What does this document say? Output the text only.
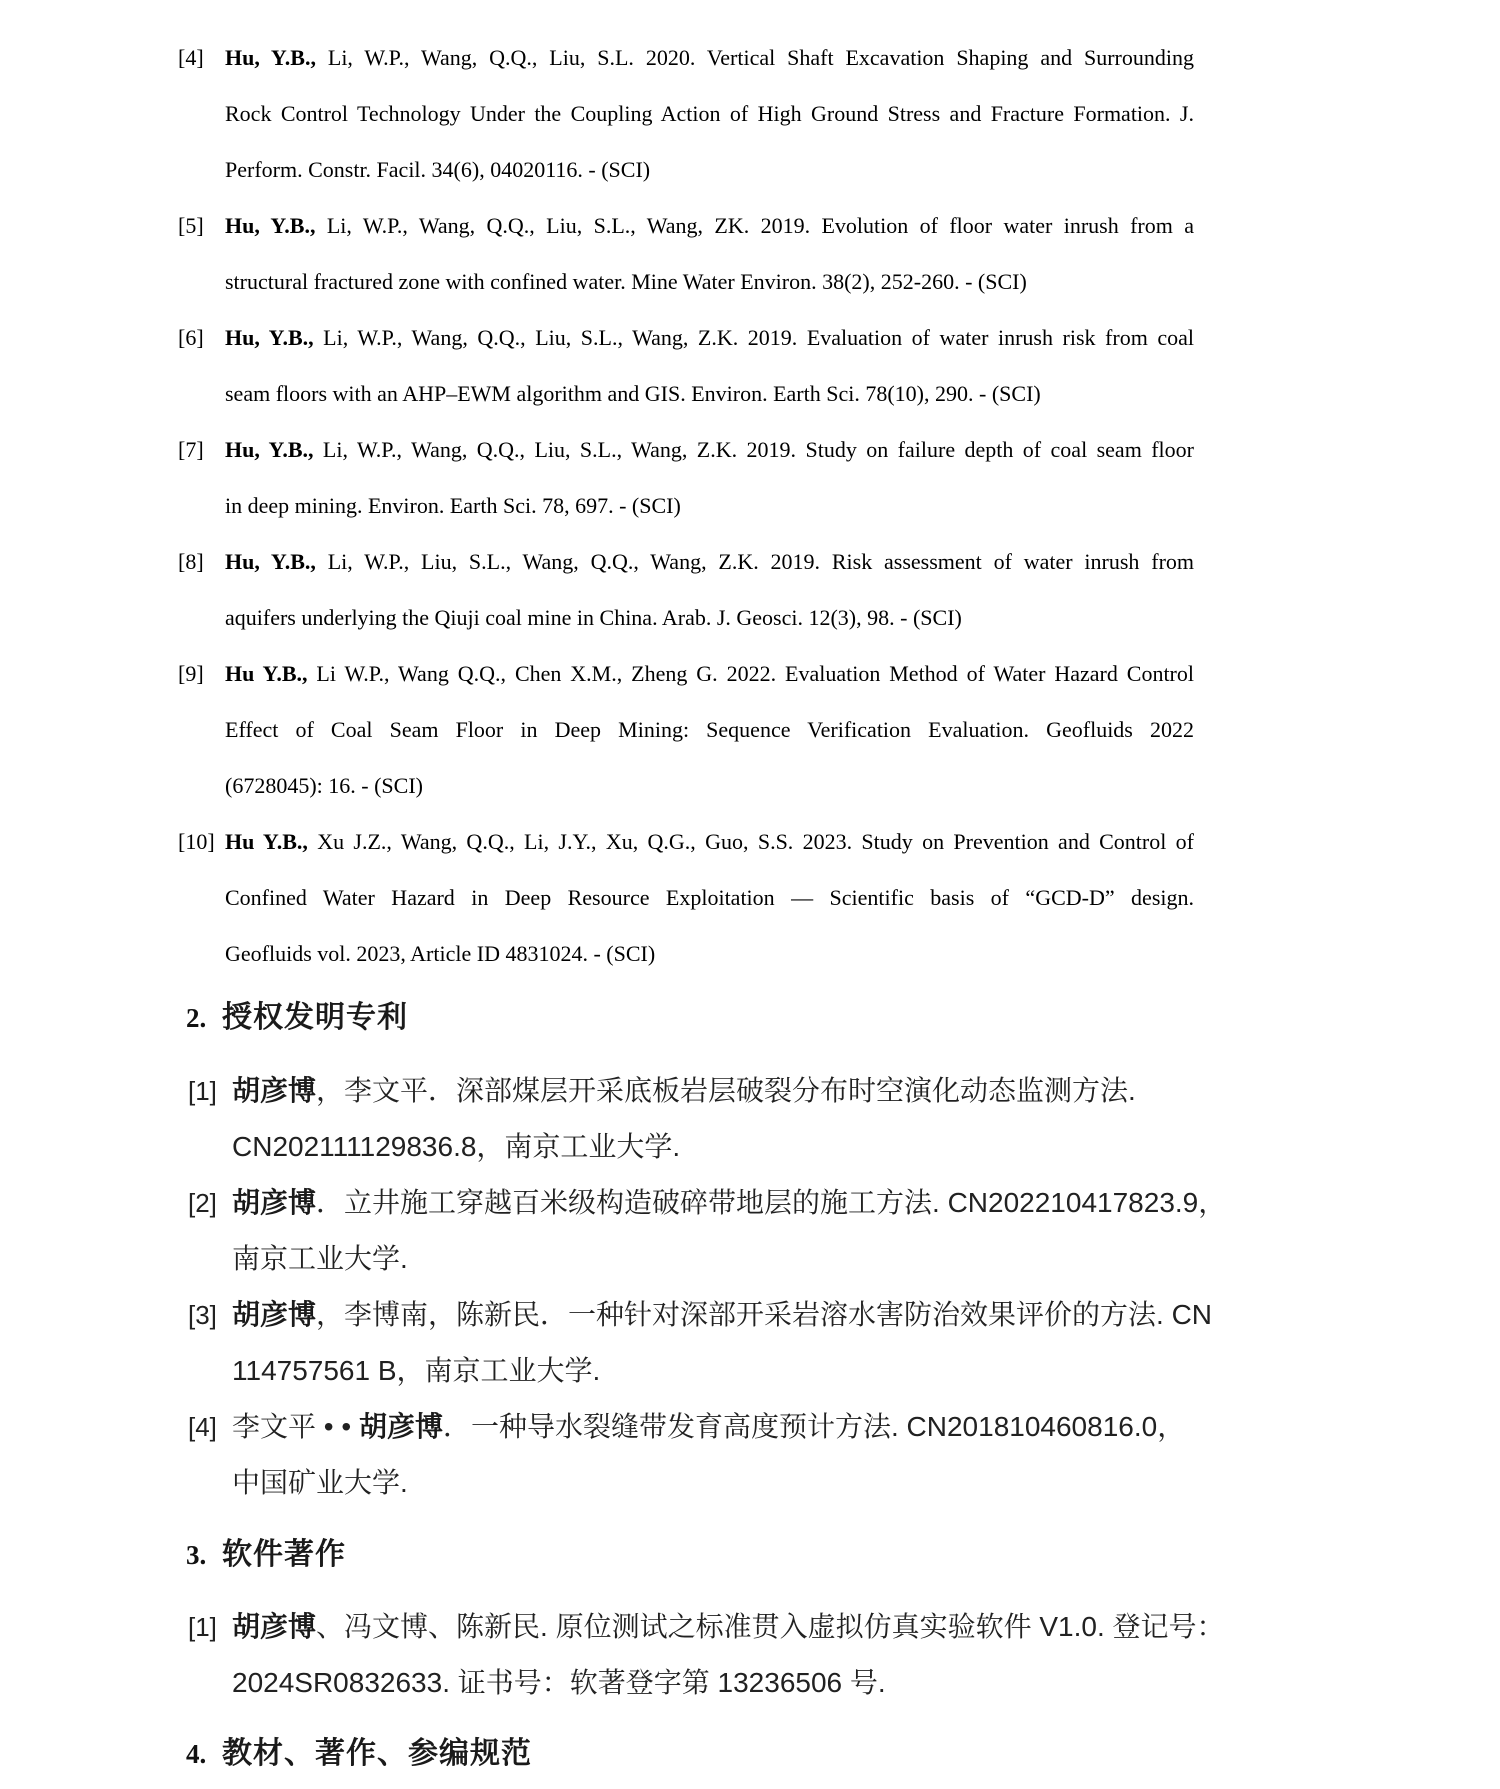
[4] Hu, Y.B., Li, W.P., Wang, Q.Q., Liu, S.L. 2020. Vertical Shaft Excavation Shaping and Surrounding
Rock Control Technology Under the Coupling Action of High Ground Stress and Fracture Formation. J.
Perform. Constr. Facil. 34(6), 04020116. - (SCI)
[5] Hu, Y.B., Li, W.P., Wang, Q.Q., Liu, S.L., Wang, ZK. 2019. Evolution of floor water inrush from a
structural fractured zone with confined water. Mine Water Environ. 38(2), 252-260. - (SCI)
[6] Hu, Y.B., Li, W.P., Wang, Q.Q., Liu, S.L., Wang, Z.K. 2019. Evaluation of water inrush risk from coal
seam floors with an AHP–EWM algorithm and GIS. Environ. Earth Sci. 78(10), 290. - (SCI)
[7] Hu, Y.B., Li, W.P., Wang, Q.Q., Liu, S.L., Wang, Z.K. 2019. Study on failure depth of coal seam floor
in deep mining. Environ. Earth Sci. 78, 697. - (SCI)
[8] Hu, Y.B., Li, W.P., Liu, S.L., Wang, Q.Q., Wang, Z.K. 2019. Risk assessment of water inrush from
aquifers underlying the Qiuji coal mine in China. Arab. J. Geosci. 12(3), 98. - (SCI)
[9] Hu Y.B., Li W.P., Wang Q.Q., Chen X.M., Zheng G. 2022. Evaluation Method of Water Hazard Control
Effect of Coal Seam Floor in Deep Mining: Sequence Verification Evaluation. Geofluids 2022
(6728045): 16. - (SCI)
[10] Hu Y.B., Xu J.Z., Wang, Q.Q., Li, J.Y., Xu, Q.G., Guo, S.S. 2023. Study on Prevention and Control of
Confined Water Hazard in Deep Resource Exploitation — Scientific basis of “GCD-D” design.
Geofluids vol. 2023, Article ID 4831024. - (SCI)
2. 授权发明专利
[1] 胡彦博，李文平．深部煤层开采底板岩层破裂分布时空演化动态监测方法.
CN202111129836.8，南京工业大学.
[2] 胡彦博．立井施工穿越百米级构造破碎带地层的施工方法. CN202210417823.9，
南京工业大学.
[3] 胡彦博，李博南，陈新民．一种针对深部开采岩溶水害防治效果评价的方法. CN
114757561 B，南京工业大学.
[4] 李文平 • • 胡彦博．一种导水裂缝带发育高度预计方法. CN201810460816.0，
中国矿业大学.
3. 软件著作
[1] 胡彦博、冯文博、陈新民. 原位测试之标准贯入虚拟仿真实验软件 V1.0. 登记号：
2024SR0832633. 证书号：软著登字第 13236506 号.
4. 教材、著作、参编规范
